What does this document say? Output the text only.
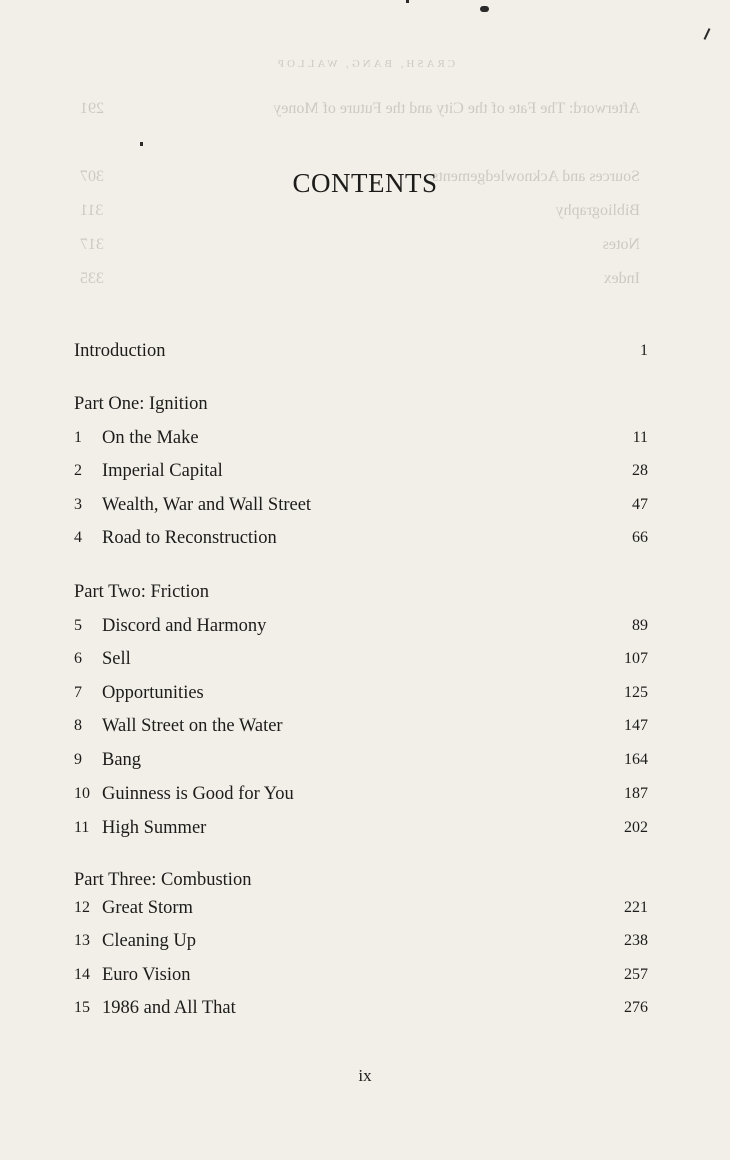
CRASH, BANG, WALLOP
Afterword: The Fate of the City and the Future of Money
291
Sources and Acknowledgements
307
Bibliography
311
Notes
317
Index
335
CONTENTS
Introduction	1
Part One: Ignition
1	On the Make	11
2	Imperial Capital	28
3	Wealth, War and Wall Street	47
4	Road to Reconstruction	66
Part Two: Friction
5	Discord and Harmony	89
6	Sell	107
7	Opportunities	125
8	Wall Street on the Water	147
9	Bang	164
10 Guinness is Good for You	187
11 High Summer	202
Part Three: Combustion
12 Great Storm	221
13 Cleaning Up	238
14 Euro Vision	257
15 1986 and All That	276
ix
